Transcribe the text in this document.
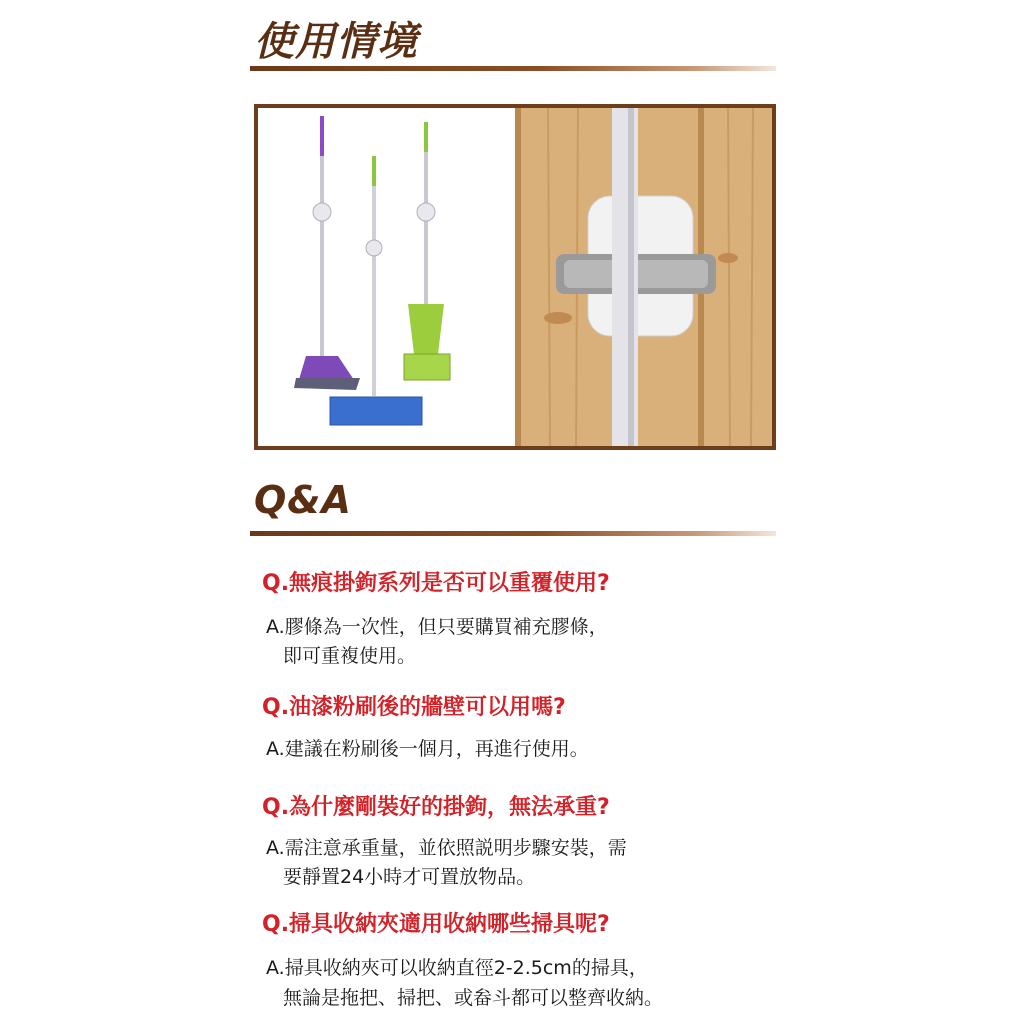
使用情境
Q&A
Q.無痕掛鉤系列是否可以重覆使用?
A.膠條為一次性，但只要購買補充膠條，
即可重複使用。
Q.油漆粉刷後的牆壁可以用嗎?
A.建議在粉刷後一個月，再進行使用。
Q.為什麼剛裝好的掛鉤，無法承重?
A.需注意承重量，並依照説明步驟安裝，需
要靜置24小時才可置放物品。
Q.掃具收納夾適用收納哪些掃具呢?
A.掃具收納夾可以收納直徑2-2.5cm的掃具，
無論是拖把、掃把、或畚斗都可以整齊收納。
